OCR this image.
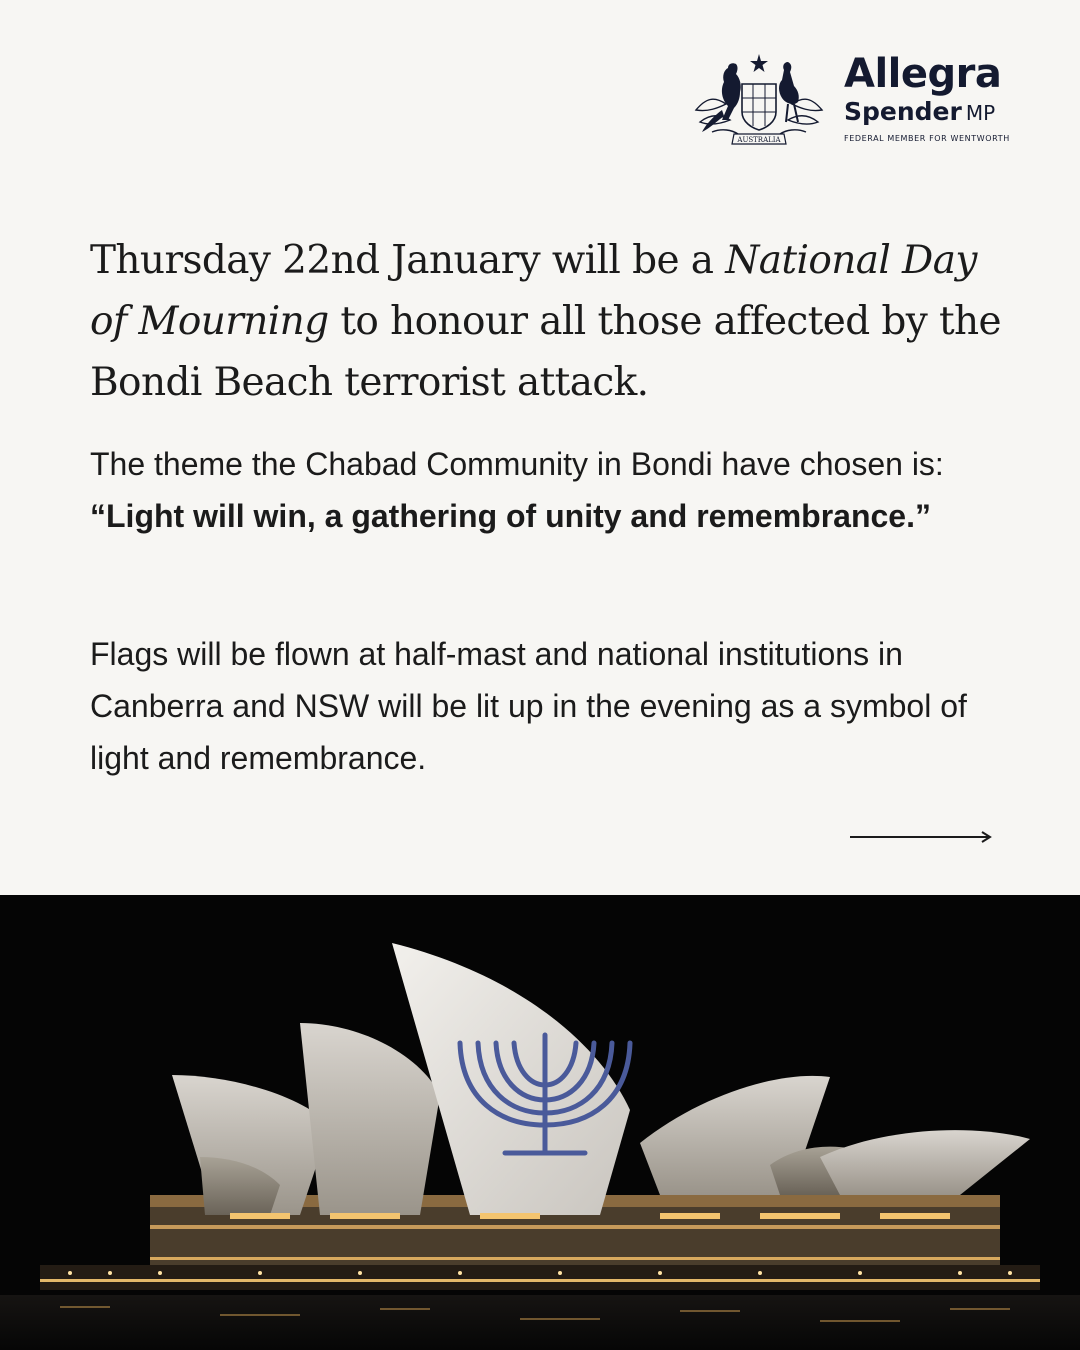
AUSTRALIA
Allegra
Spender MP
FEDERAL MEMBER FOR WENTWORTH
Thursday 22nd January will be a National Day of Mourning to honour all those affected by the Bondi Beach terrorist attack.

The theme the Chabad Community in Bondi have chosen is: “Light will win, a gathering of unity and remembrance.”

Flags will be flown at half-mast and national institutions in Canberra and NSW will be lit up in the evening as a symbol of light and remembrance.
